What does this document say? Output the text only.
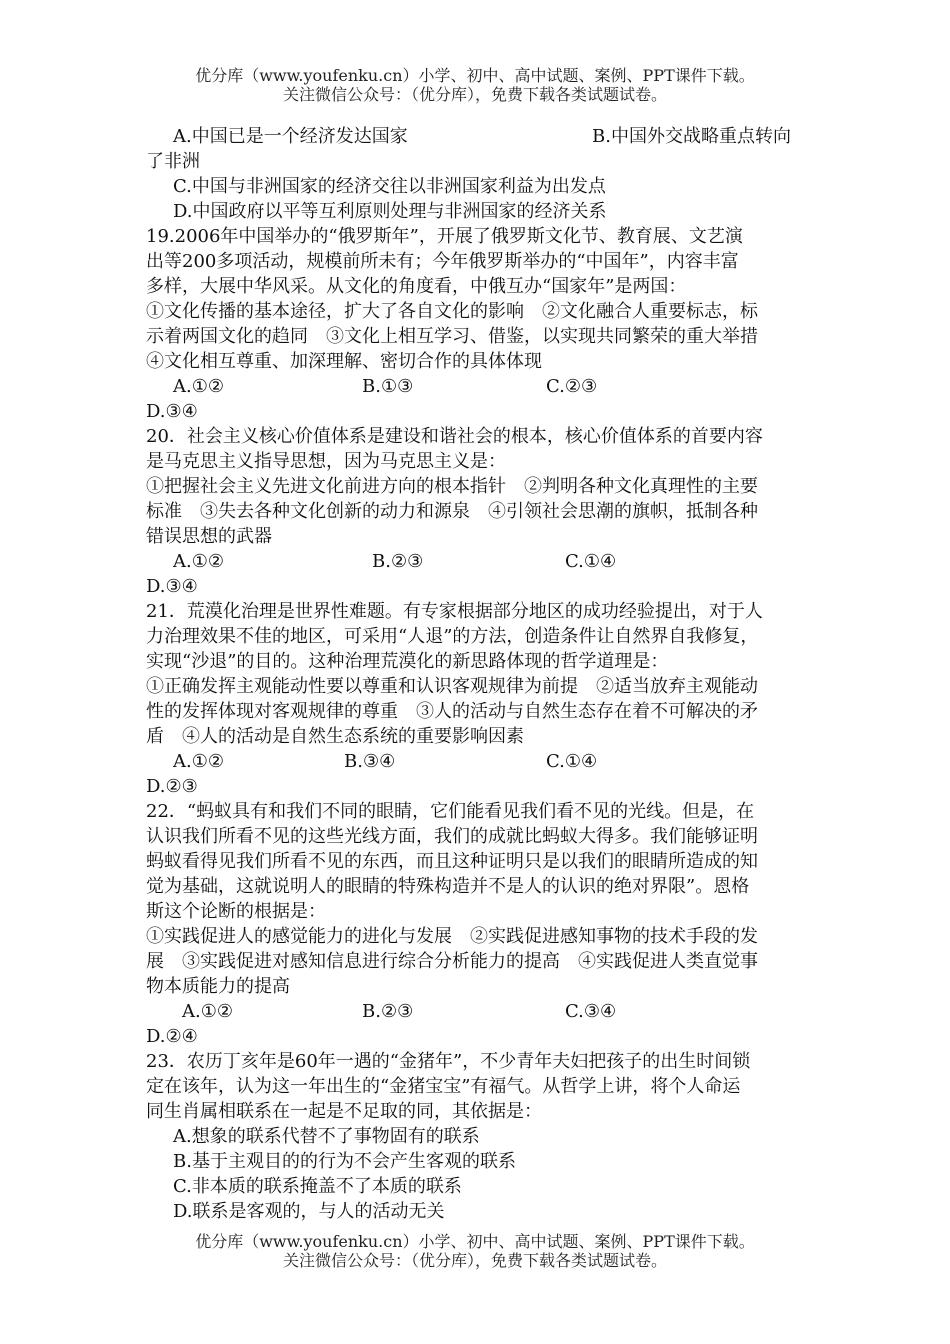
优分库（www.youfenku.cn）小学、初中、高中试题、案例、PPT课件下载。
关注微信公众号：（优分库），免费下载各类试题试卷。
A.中国已是一个经济发达国家	B.中国外交战略重点转向
了非洲
C.中国与非洲国家的经济交往以非洲国家利益为出发点
D.中国政府以平等互利原则处理与非洲国家的经济关系
19.2006年中国举办的“俄罗斯年”，开展了俄罗斯文化节、教育展、文艺演
出等200多项活动，规模前所未有；今年俄罗斯举办的“中国年”，内容丰富
多样，大展中华风采。从文化的角度看，中俄互办“国家年”是两国：
①文化传播的基本途径，扩大了各自文化的影响　②文化融合人重要标志，标
示着两国文化的趋同　③文化上相互学习、借鉴，以实现共同繁荣的重大举措
④文化相互尊重、加深理解、密切合作的具体体现
A.①②	B.①③	C.②③
D.③④
20．社会主义核心价值体系是建设和谐社会的根本，核心价值体系的首要内容
是马克思主义指导思想，因为马克思主义是：
①把握社会主义先进文化前进方向的根本指针　②判明各种文化真理性的主要
标准　③失去各种文化创新的动力和源泉　④引领社会思潮的旗帜，抵制各种
错误思想的武器
A.①②	B.②③	C.①④
D.③④
21．荒漠化治理是世界性难题。有专家根据部分地区的成功经验提出，对于人
力治理效果不佳的地区，可采用“人退”的方法，创造条件让自然界自我修复，
实现“沙退”的目的。这种治理荒漠化的新思路体现的哲学道理是：
①正确发挥主观能动性要以尊重和认识客观规律为前提　②适当放弃主观能动
性的发挥体现对客观规律的尊重　③人的活动与自然生态存在着不可解决的矛
盾　④人的活动是自然生态系统的重要影响因素
A.①②	B.③④	C.①④
D.②③
22．“蚂蚁具有和我们不同的眼睛，它们能看见我们看不见的光线。但是，在
认识我们所看不见的这些光线方面，我们的成就比蚂蚁大得多。我们能够证明
蚂蚁看得见我们所看不见的东西，而且这种证明只是以我们的眼睛所造成的知
觉为基础，这就说明人的眼睛的特殊构造并不是人的认识的绝对界限”。恩格
斯这个论断的根据是：
①实践促进人的感觉能力的进化与发展　②实践促进感知事物的技术手段的发
展　③实践促进对感知信息进行综合分析能力的提高　④实践促进人类直觉事
物本质能力的提高
A.①②	B.②③	C.③④
D.②④
23．农历丁亥年是60年一遇的“金猪年”，不少青年夫妇把孩子的出生时间锁
定在该年，认为这一年出生的“金猪宝宝”有福气。从哲学上讲，将个人命运
同生肖属相联系在一起是不足取的同，其依据是：
A.想象的联系代替不了事物固有的联系
B.基于主观目的的行为不会产生客观的联系
C.非本质的联系掩盖不了本质的联系
D.联系是客观的，与人的活动无关
优分库（www.youfenku.cn）小学、初中、高中试题、案例、PPT课件下载。
关注微信公众号：（优分库），免费下载各类试题试卷。
